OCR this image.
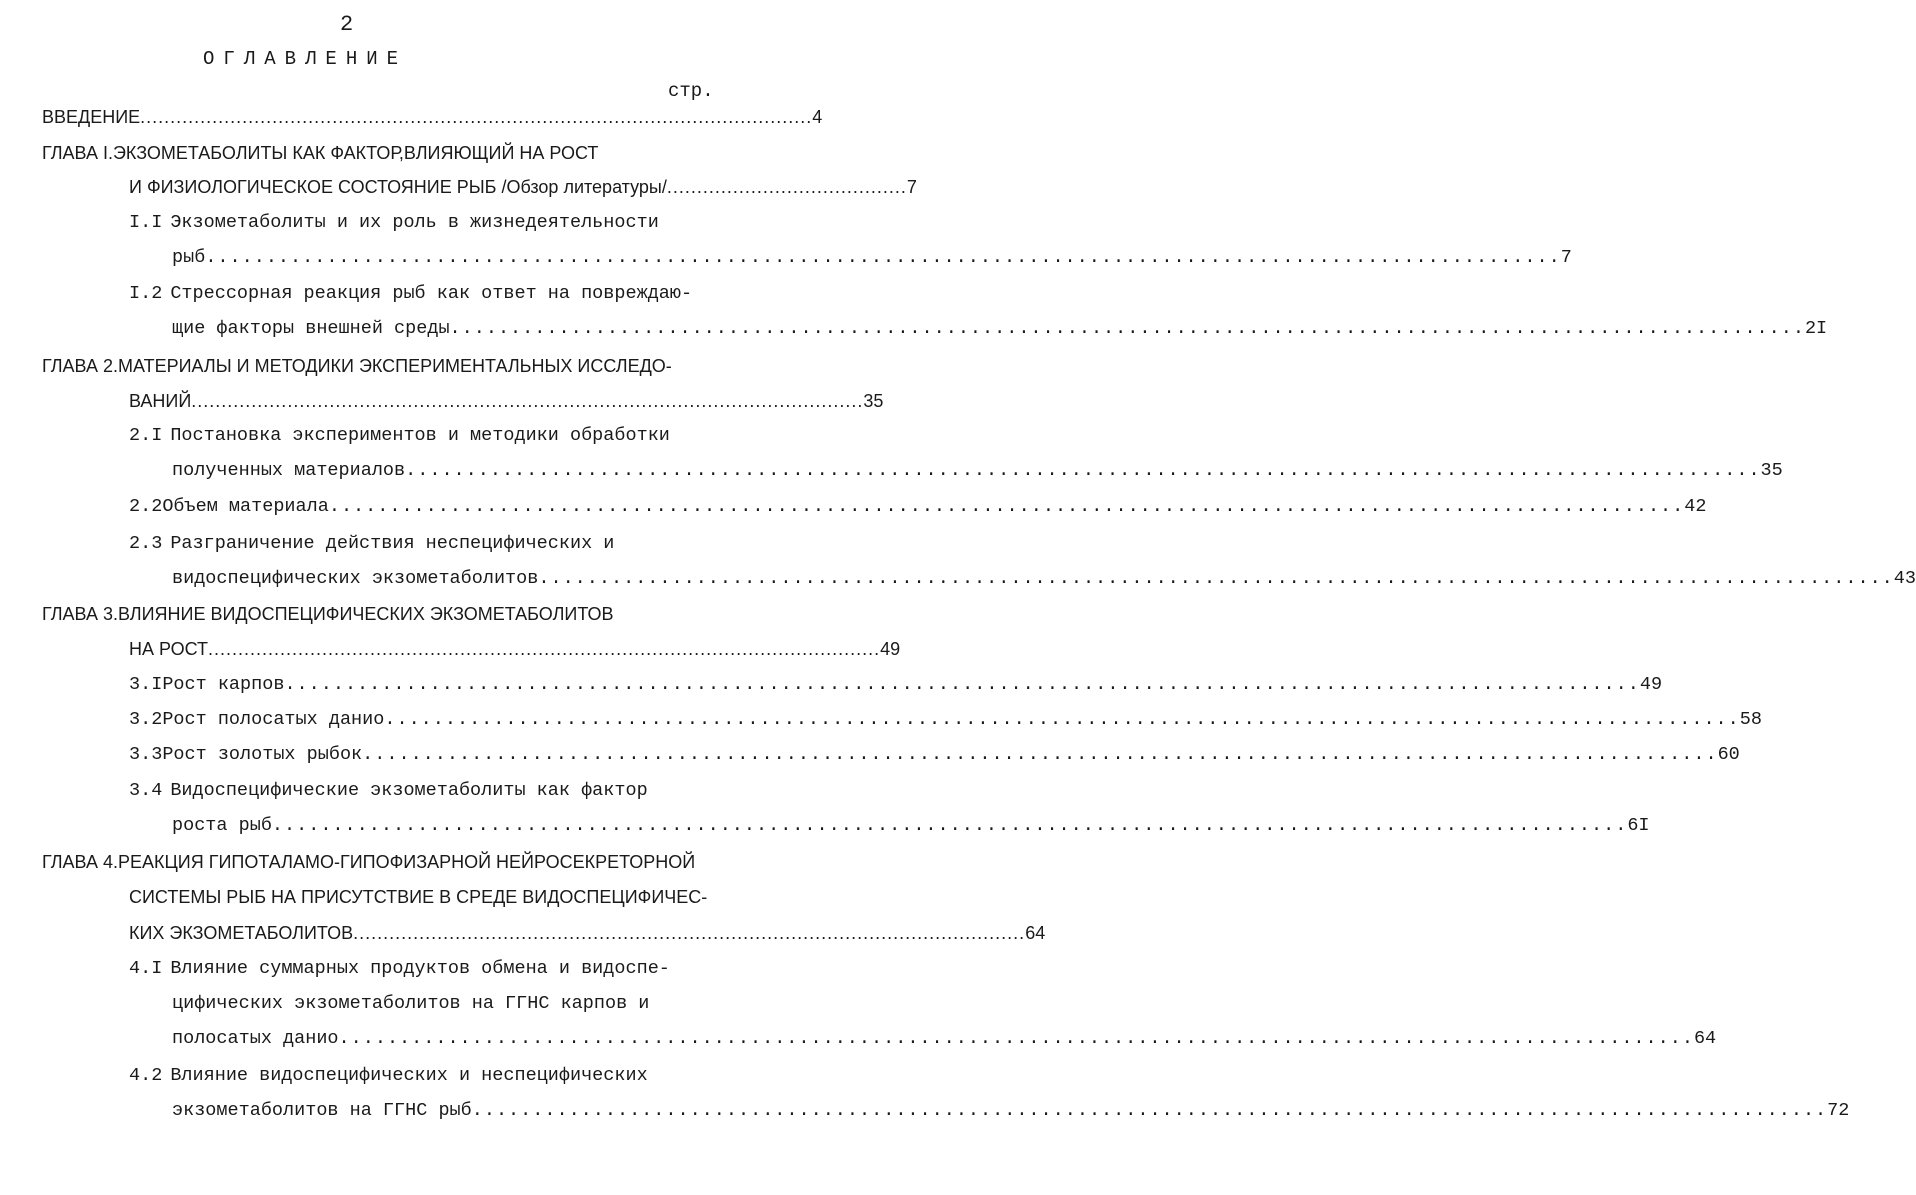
2
ОГЛАВЛЕНИЕ
стр.
ВВЕДЕНИЕ ................................................................................................................ 4
ГЛАВА I.ЭКЗОМЕТАБОЛИТЫ КАК ФАКТОР,ВЛИЯЮЩИЙ НА РОСТ
И ФИЗИОЛОГИЧЕСКОЕ СОСТОЯНИЕ РЫБ /Обзор литературы/ ........................................ 7
I.I Экзометаболиты и их роль в жизнедеятельности
рыб ................................................................................................................ 7
I.2 Стрессорная реакция рыб как ответ на повреждаю-
щие факторы внешней среды ................................................................................................................ 2I
ГЛАВА 2.МАТЕРИАЛЫ И МЕТОДИКИ ЭКСПЕРИМЕНТАЛЬНЫХ ИССЛЕДО-
ВАНИЙ ................................................................................................................ 35
2.I Постановка экспериментов и методики обработки
полученных материалов ................................................................................................................ 35
2.2 Объем материала ................................................................................................................ 42
2.3 Разграничение действия неспецифических и
видоспецифических экзометаболитов ................................................................................................................ 43
ГЛАВА 3.ВЛИЯНИЕ ВИДОСПЕЦИФИЧЕСКИХ ЭКЗОМЕТАБОЛИТОВ
НА РОСТ ................................................................................................................ 49
3.I Рост карпов ................................................................................................................ 49
3.2 Рост полосатых данио ................................................................................................................ 58
3.3 Рост золотых рыбок ................................................................................................................ 60
3.4 Видоспецифические экзометаболиты как фактор
роста рыб ................................................................................................................ 6I
ГЛАВА 4.РЕАКЦИЯ ГИПОТАЛАМО-ГИПОФИЗАРНОЙ НЕЙРОСЕКРЕТОРНОЙ
СИСТЕМЫ РЫБ НА ПРИСУТСТВИЕ В СРЕДЕ ВИДОСПЕЦИФИЧЕС-
КИХ ЭКЗОМЕТАБОЛИТОВ ................................................................................................................ 64
4.I Влияние суммарных продуктов обмена и видоспе-
цифических экзометаболитов на ГГНС карпов и
полосатых данио ................................................................................................................ 64
4.2 Влияние видоспецифических и неспецифических
экзометаболитов на ГГНС рыб ................................................................................................................ 72
